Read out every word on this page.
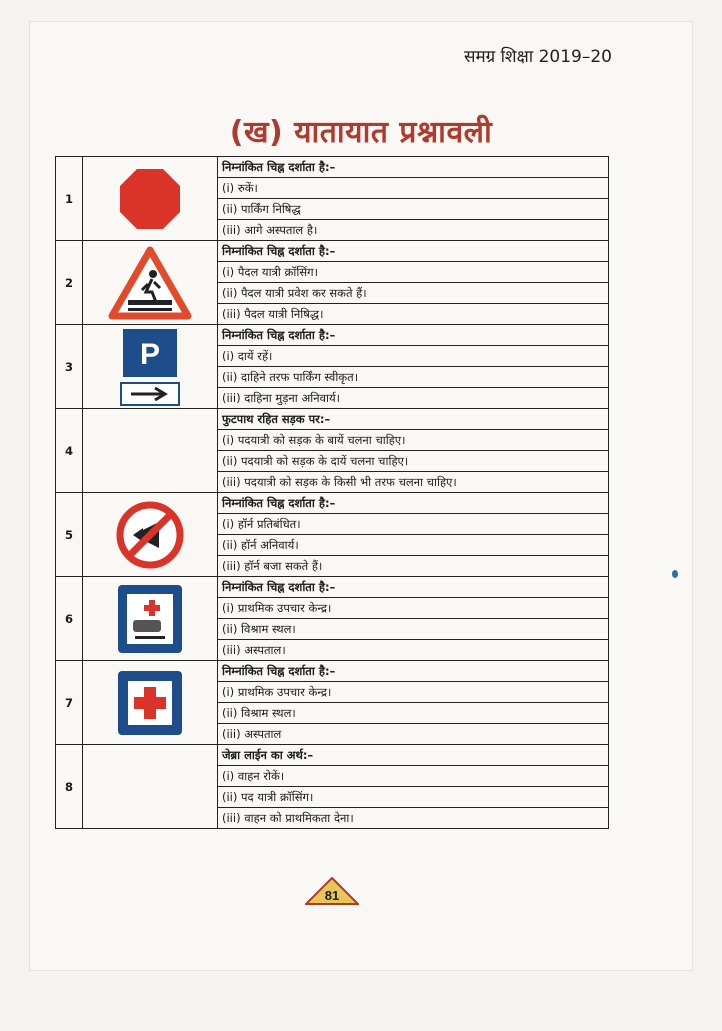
समग्र शिक्षा 2019–20
(ख) यातायात प्रश्नावली
1		निम्नांकित चिह्न दर्शाता है:–
		(i) रुकें।
		(ii) पार्किंग निषिद्ध
		(iii) आगे अस्पताल है।
2		निम्नांकित चिह्न दर्शाता है:–
		(i) पैदल यात्री क्रॉसिंग।
		(ii) पैदल यात्री प्रवेश कर सकते हैं।
		(iii) पैदल यात्री निषिद्ध।
3	P	निम्नांकित चिह्न दर्शाता है:–
		(i) दायें रहें।
		(ii) दाहिने तरफ पार्किंग स्वीकृत।
		(iii) दाहिना मुड़ना अनिवार्य।
4		फुटपाथ रहित सड़क पर:–
		(i) पदयात्री को सड़क के बायें चलना चाहिए।
		(ii) पदयात्री को सड़क के दायें चलना चाहिए।
		(iii) पदयात्री को सड़क के किसी भी तरफ चलना चाहिए।
5		निम्नांकित चिह्न दर्शाता है:–
		(i) हॉर्न प्रतिबंधित।
		(ii) हॉर्न अनिवार्य।
		(iii) हॉर्न बजा सकते हैं।
6		निम्नांकित चिह्न दर्शाता है:–
		(i) प्राथमिक उपचार केन्द्र।
		(ii) विश्राम स्थल।
		(iii) अस्पताल।
7		निम्नांकित चिह्न दर्शाता है:–
		(i) प्राथमिक उपचार केन्द्र।
		(ii) विश्राम स्थल।
		(iii) अस्पताल
8		जेब्रा लाईन का अर्थ:–
		(i) वाहन रोकें।
		(ii) पद यात्री क्रॉसिंग।
		(iii) वाहन को प्राथमिकता देना।
81
